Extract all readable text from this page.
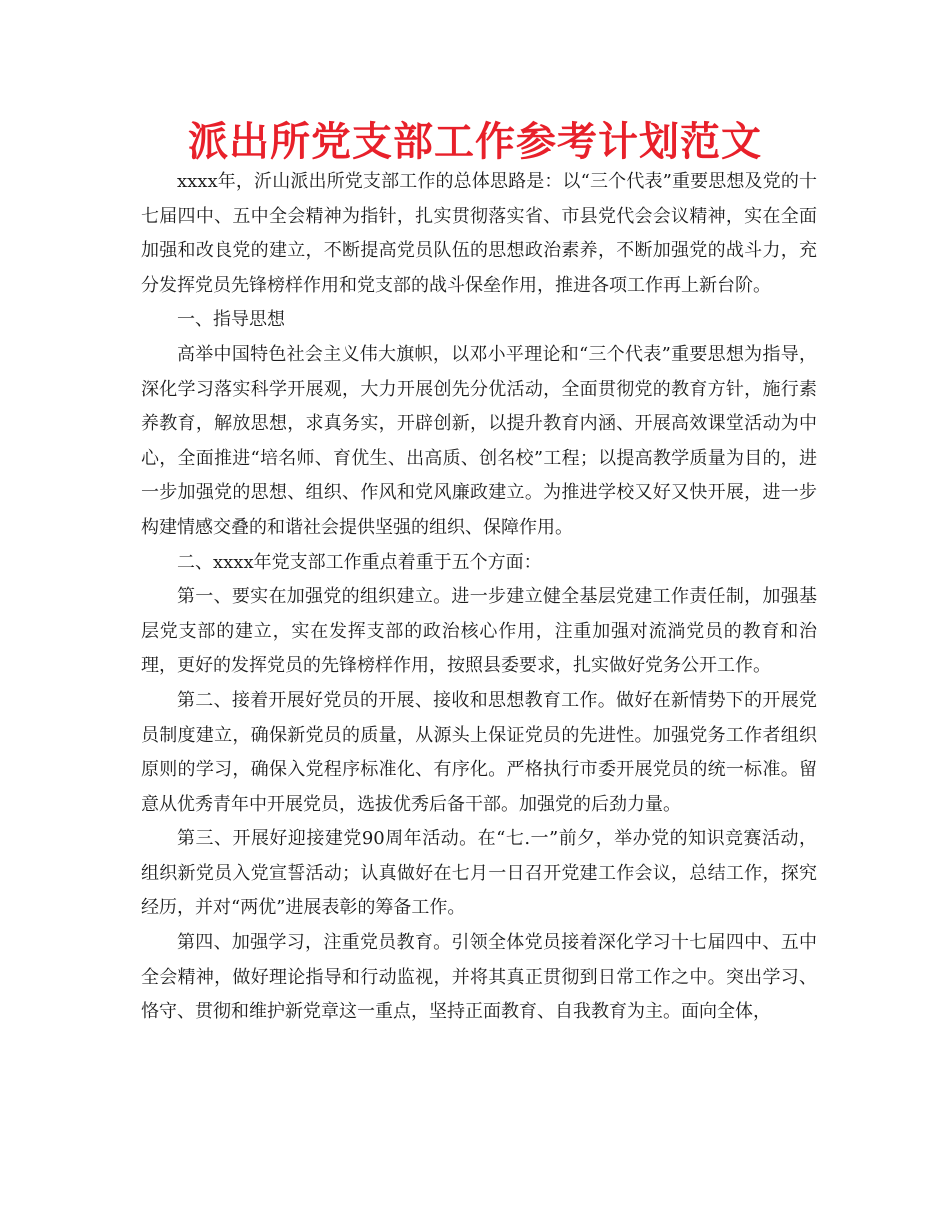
派出所党支部工作参考计划范文

xxxx年，沂山派出所党支部工作的总体思路是：以“三个代表”重要思想及党的十七届四中、五中全会精神为指针，扎实贯彻落实省、市县党代会会议精神，实在全面加强和改良党的建立，不断提高党员队伍的思想政治素养，不断加强党的战斗力，充分发挥党员先锋榜样作用和党支部的战斗保垒作用，推进各项工作再上新台阶。

一、指导思想

高举中国特色社会主义伟大旗帜，以邓小平理论和“三个代表”重要思想为指导，深化学习落实科学开展观，大力开展创先分优活动，全面贯彻党的教育方针，施行素养教育，解放思想，求真务实，开辟创新，以提升教育内涵、开展高效课堂活动为中心，全面推进“培名师、育优生、出高质、创名校”工程；以提高教学质量为目的，进一步加强党的思想、组织、作风和党风廉政建立。为推进学校又好又快开展，进一步构建情感交叠的和谐社会提供坚强的组织、保障作用。

二、xxxx年党支部工作重点着重于五个方面：

第一、要实在加强党的组织建立。进一步建立健全基层党建工作责任制，加强基层党支部的建立，实在发挥支部的政治核心作用，注重加强对流淌党员的教育和治理，更好的发挥党员的先锋榜样作用，按照县委要求，扎实做好党务公开工作。

第二、接着开展好党员的开展、接收和思想教育工作。做好在新情势下的开展党员制度建立，确保新党员的质量，从源头上保证党员的先进性。加强党务工作者组织原则的学习，确保入党程序标准化、有序化。严格执行市委开展党员的统一标准。留意从优秀青年中开展党员，选拔优秀后备干部。加强党的后劲力量。

第三、开展好迎接建党90周年活动。在“七.一”前夕，举办党的知识竞赛活动，组织新党员入党宣誓活动；认真做好在七月一日召开党建工作会议，总结工作，探究经历，并对“两优”进展表彰的筹备工作。

第四、加强学习，注重党员教育。引领全体党员接着深化学习十七届四中、五中全会精神，做好理论指导和行动监视，并将其真正贯彻到日常工作之中。突出学习、恪守、贯彻和维护新党章这一重点，坚持正面教育、自我教育为主。面向全体，
